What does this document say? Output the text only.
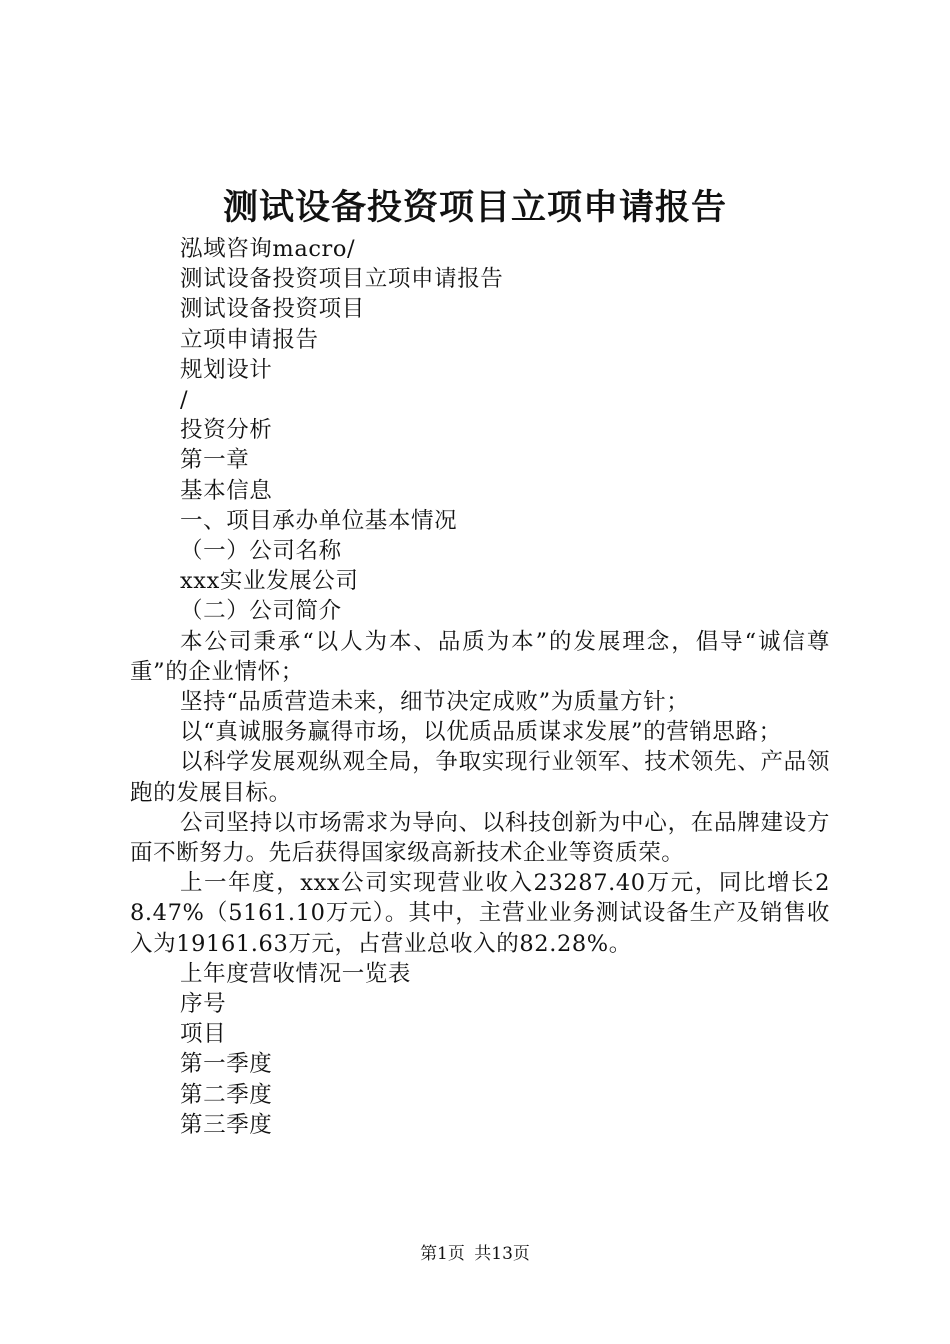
测试设备投资项目立项申请报告
泓域咨询macro/
测试设备投资项目立项申请报告
测试设备投资项目
立项申请报告
规划设计
/
投资分析
第一章
基本信息
一、项目承办单位基本情况
（一）公司名称
xxx实业发展公司
（二）公司简介
本公司秉承“以人为本、品质为本”的发展理念，倡导“诚信尊重”的企业情怀；
坚持“品质营造未来，细节决定成败”为质量方针；
以“真诚服务赢得市场，以优质品质谋求发展”的营销思路；
以科学发展观纵观全局，争取实现行业领军、技术领先、产品领跑的发展目标。
公司坚持以市场需求为导向、以科技创新为中心，在品牌建设方面不断努力。先后获得国家级高新技术企业等资质荣。
上一年度，xxx公司实现营业收入23287.40万元，同比增长28.47%（5161.10万元）。其中，主营业业务测试设备生产及销售收入为19161.63万元，占营业总收入的82.28%。
上年度营收情况一览表
序号
项目
第一季度
第二季度
第三季度
第1页 共13页
